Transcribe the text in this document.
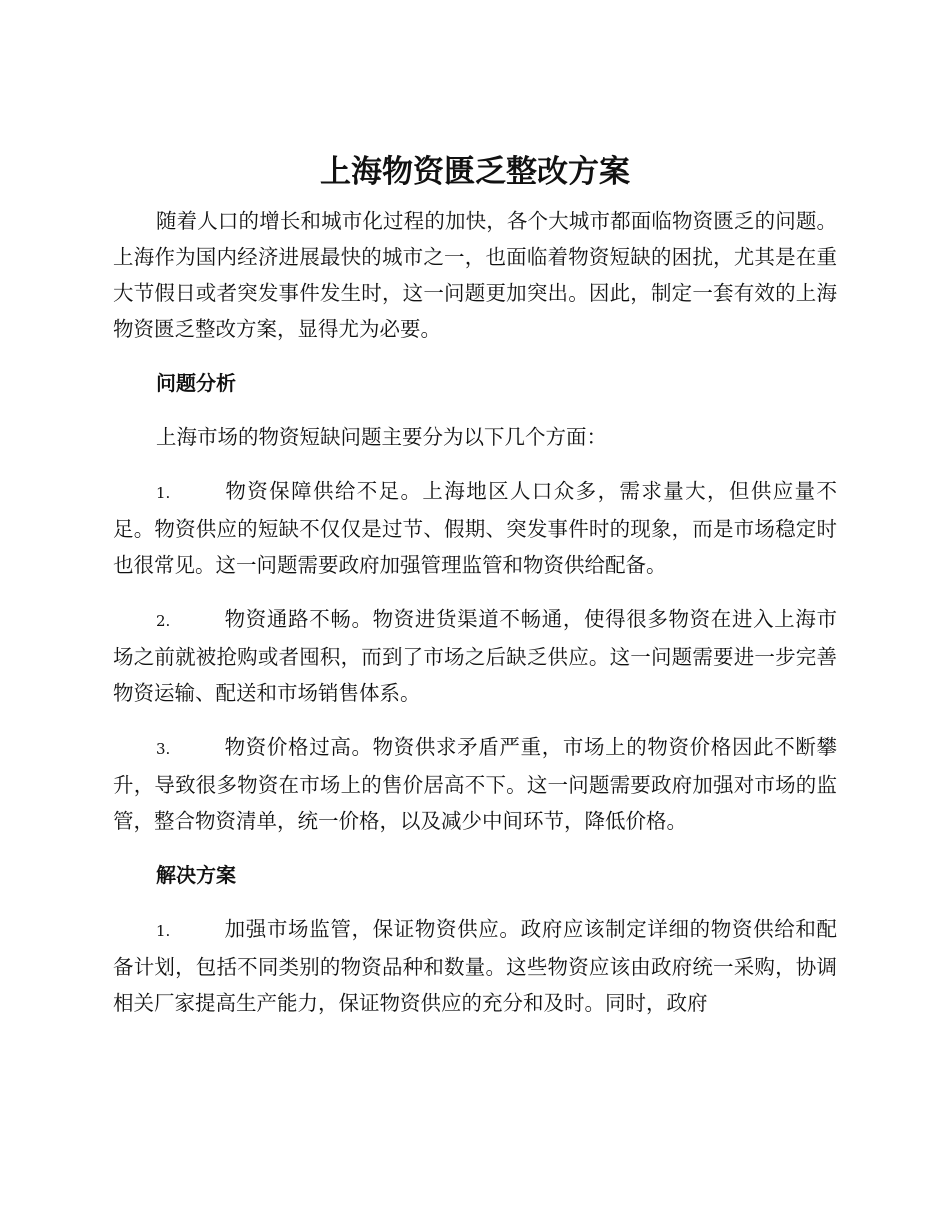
上海物资匮乏整改方案

随着人口的增长和城市化过程的加快，各个大城市都面临物资匮乏的问题。上海作为国内经济进展最快的城市之一，也面临着物资短缺的困扰，尤其是在重大节假日或者突发事件发生时，这一问题更加突出。因此，制定一套有效的上海物资匮乏整改方案，显得尤为必要。

问题分析

上海市场的物资短缺问题主要分为以下几个方面：

1.	物资保障供给不足。上海地区人口众多，需求量大，但供应量不足。物资供应的短缺不仅仅是过节、假期、突发事件时的现象，而是市场稳定时也很常见。这一问题需要政府加强管理监管和物资供给配备。
2.	物资通路不畅。物资进货渠道不畅通，使得很多物资在进入上海市场之前就被抢购或者囤积，而到了市场之后缺乏供应。这一问题需要进一步完善物资运输、配送和市场销售体系。
3.	物资价格过高。物资供求矛盾严重，市场上的物资价格因此不断攀升，导致很多物资在市场上的售价居高不下。这一问题需要政府加强对市场的监管，整合物资清单，统一价格，以及减少中间环节，降低价格。
解决方案
1.	加强市场监管，保证物资供应。政府应该制定详细的物资供给和配备计划，包括不同类别的物资品种和数量。这些物资应该由政府统一采购，协调相关厂家提高生产能力，保证物资供应的充分和及时。同时，政府
